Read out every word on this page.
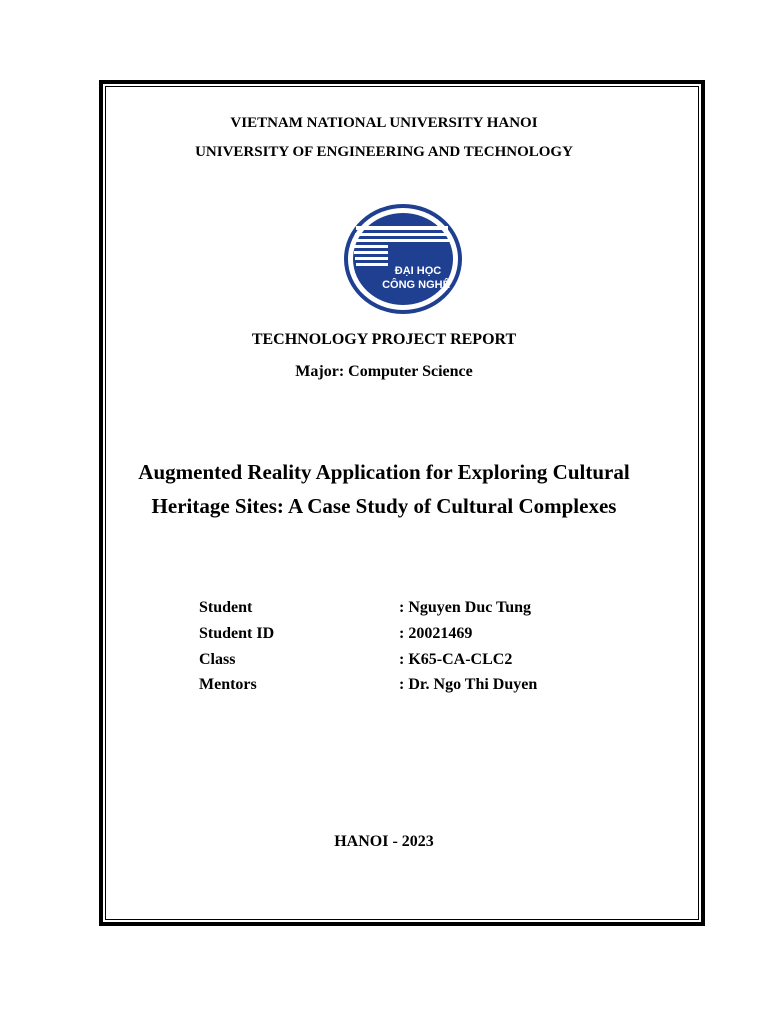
VIETNAM NATIONAL UNIVERSITY HANOI
UNIVERSITY OF ENGINEERING AND TECHNOLOGY
ĐẠI HỌC
CÔNG NGHỆ
TECHNOLOGY PROJECT REPORT
Major: Computer Science
Augmented Reality Application for Exploring Cultural
Heritage Sites: A Case Study of Cultural Complexes
Student	: Nguyen Duc Tung
Student ID	: 20021469
Class	: K65-CA-CLC2
Mentors	: Dr. Ngo Thi Duyen
HANOI - 2023
